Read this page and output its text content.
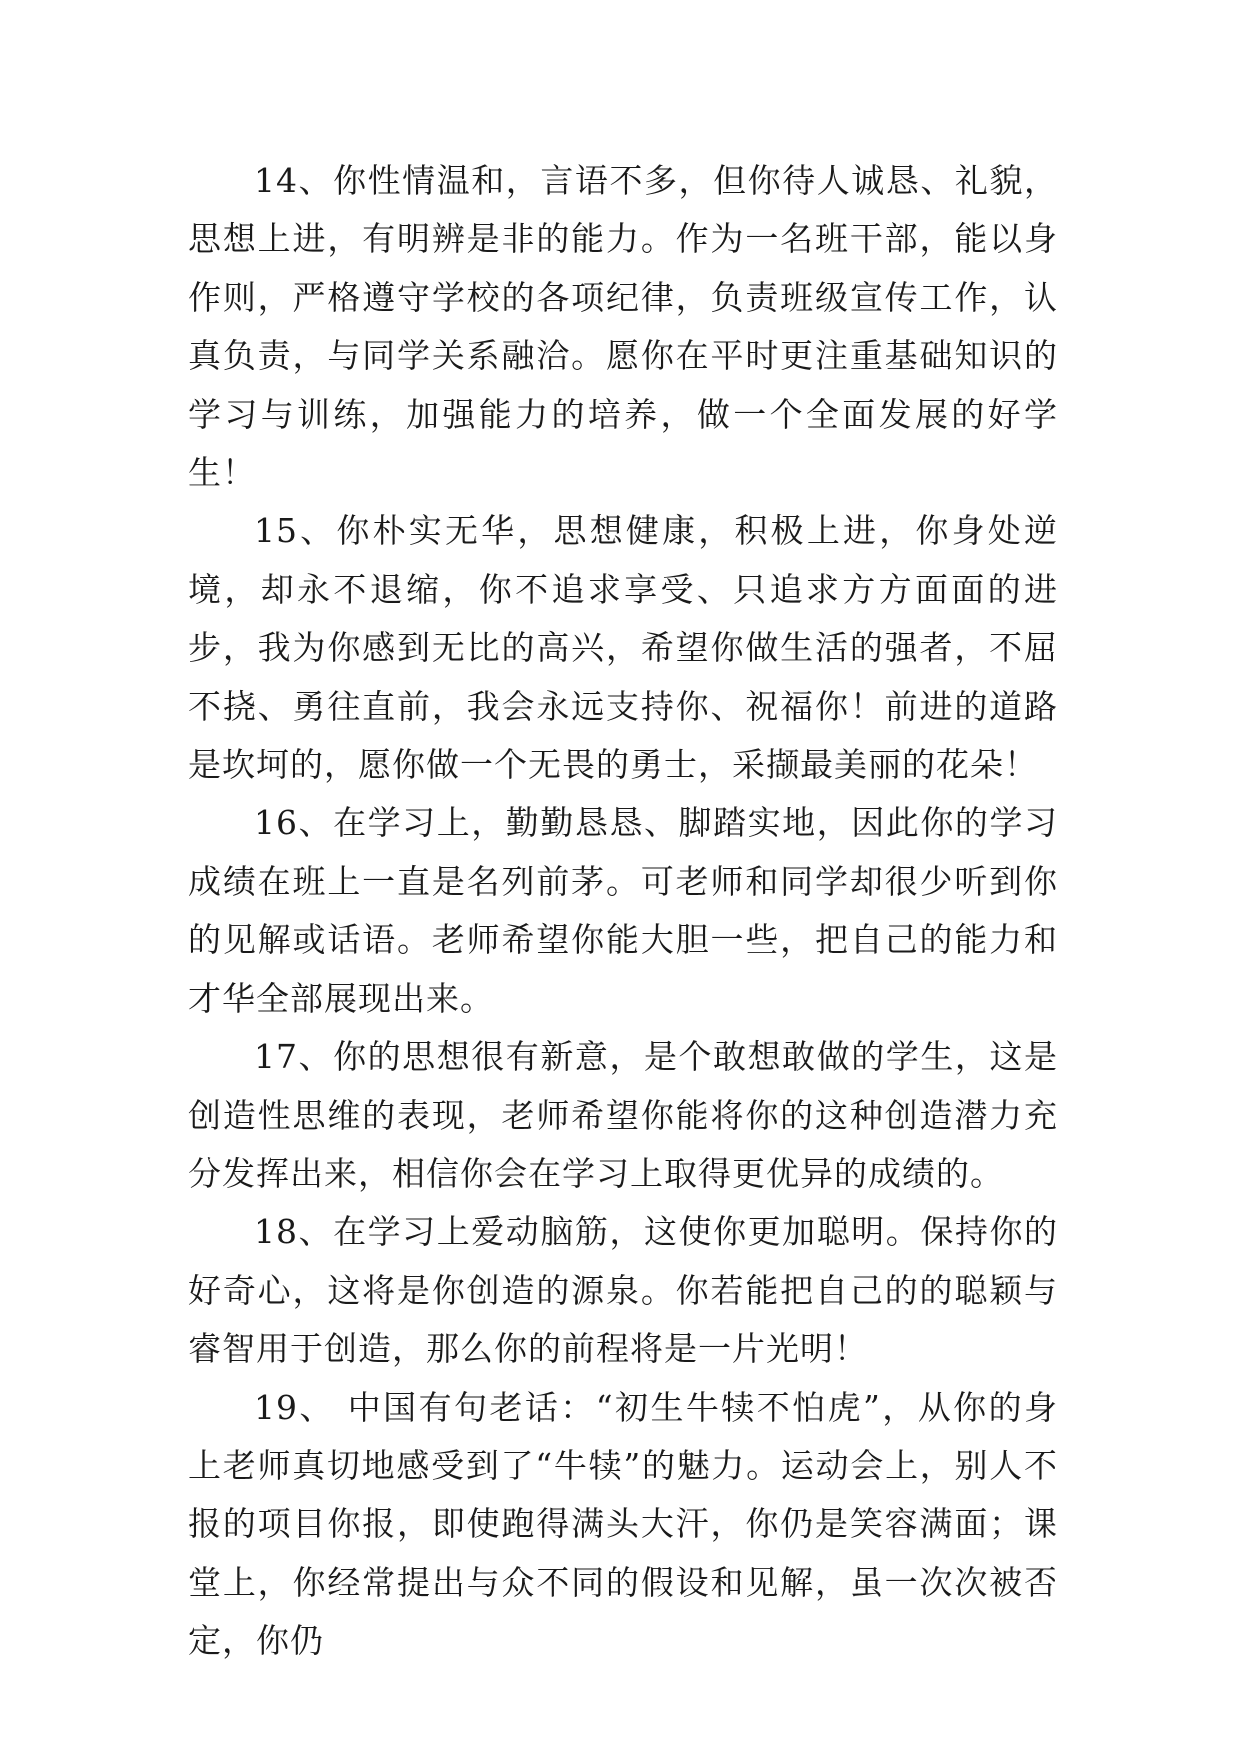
14、你性情温和，言语不多，但你待人诚恳、礼貌，思想上进，有明辨是非的能力。作为一名班干部，能以身作则，严格遵守学校的各项纪律，负责班级宣传工作，认真负责，与同学关系融洽。愿你在平时更注重基础知识的学习与训练，加强能力的培养，做一个全面发展的好学生！

15、你朴实无华，思想健康，积极上进，你身处逆境，却永不退缩，你不追求享受、只追求方方面面的进步，我为你感到无比的高兴，希望你做生活的强者，不屈不挠、勇往直前，我会永远支持你、祝福你！前进的道路是坎坷的，愿你做一个无畏的勇士，采撷最美丽的花朵！

16、在学习上，勤勤恳恳、脚踏实地，因此你的学习成绩在班上一直是名列前茅。可老师和同学却很少听到你的见解或话语。老师希望你能大胆一些，把自己的能力和才华全部展现出来。

17、你的思想很有新意，是个敢想敢做的学生，这是创造性思维的表现，老师希望你能将你的这种创造潜力充分发挥出来，相信你会在学习上取得更优异的成绩的。

18、在学习上爱动脑筋，这使你更加聪明。保持你的好奇心，这将是你创造的源泉。你若能把自己的的聪颖与睿智用于创造，那么你的前程将是一片光明！

19、 中国有句老话：“初生牛犊不怕虎”，从你的身上老师真切地感受到了“牛犊”的魅力。运动会上，别人不报的项目你报，即使跑得满头大汗，你仍是笑容满面；课堂上，你经常提出与众不同的假设和见解，虽一次次被否定，你仍
